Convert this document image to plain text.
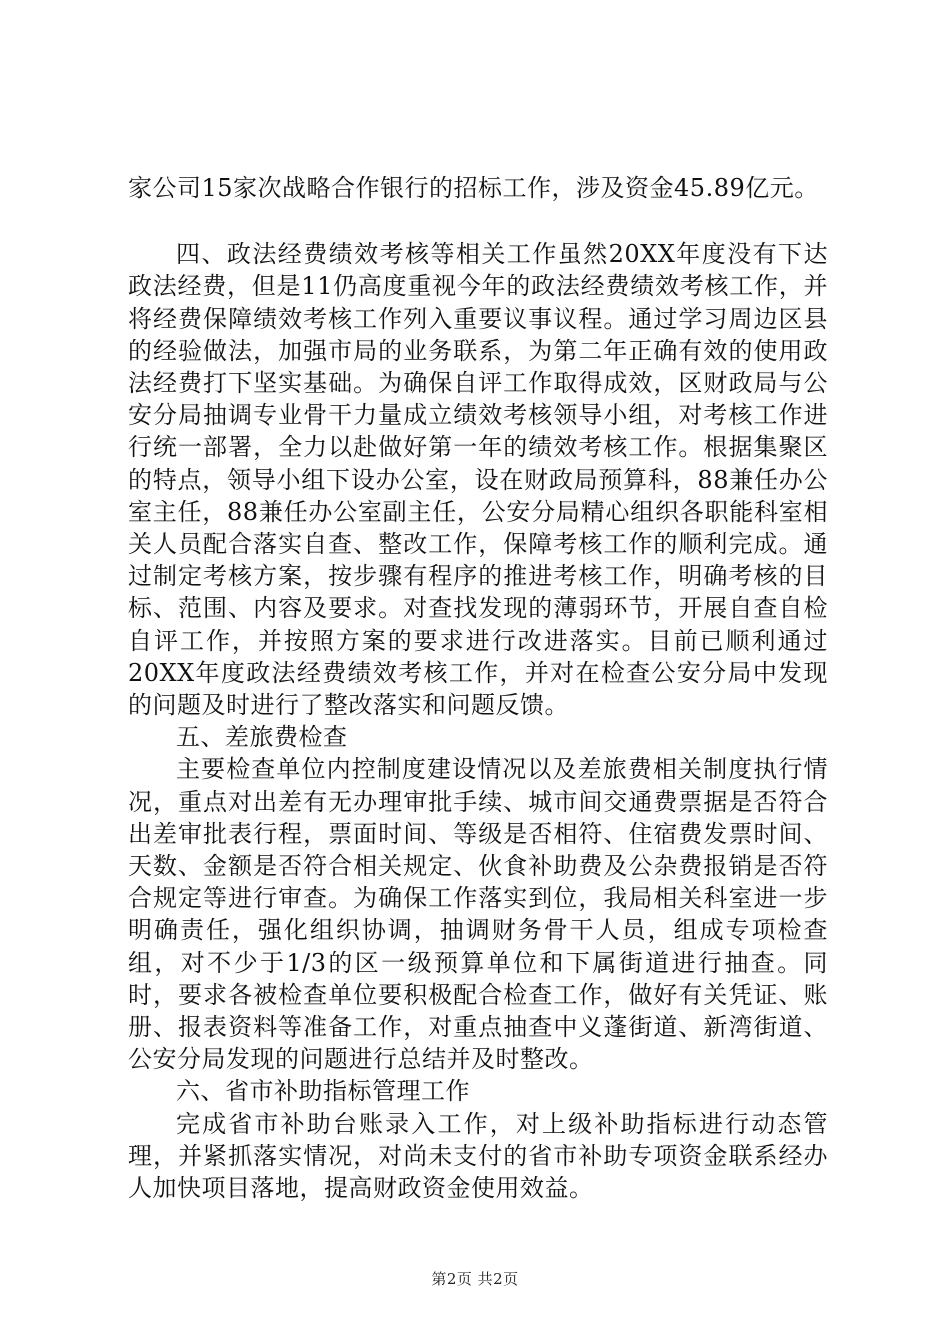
家公司15家次战略合作银行的招标工作，涉及资金45.89亿元。

四、政法经费绩效考核等相关工作虽然20XX年度没有下达政法经费，但是11仍高度重视今年的政法经费绩效考核工作，并将经费保障绩效考核工作列入重要议事议程。通过学习周边区县的经验做法，加强市局的业务联系，为第二年正确有效的使用政法经费打下坚实基础。为确保自评工作取得成效，区财政局与公安分局抽调专业骨干力量成立绩效考核领导小组，对考核工作进行统一部署，全力以赴做好第一年的绩效考核工作。根据集聚区的特点，领导小组下设办公室，设在财政局预算科，88兼任办公室主任，88兼任办公室副主任，公安分局精心组织各职能科室相关人员配合落实自查、整改工作，保障考核工作的顺利完成。通过制定考核方案，按步骤有程序的推进考核工作，明确考核的目标、范围、内容及要求。对查找发现的薄弱环节，开展自查自检自评工作，并按照方案的要求进行改进落实。目前已顺利通过20XX年度政法经费绩效考核工作，并对在检查公安分局中发现的问题及时进行了整改落实和问题反馈。

五、差旅费检查

主要检查单位内控制度建设情况以及差旅费相关制度执行情况，重点对出差有无办理审批手续、城市间交通费票据是否符合出差审批表行程，票面时间、等级是否相符、住宿费发票时间、天数、金额是否符合相关规定、伙食补助费及公杂费报销是否符合规定等进行审查。为确保工作落实到位，我局相关科室进一步明确责任，强化组织协调，抽调财务骨干人员，组成专项检查组，对不少于1/3的区一级预算单位和下属街道进行抽查。同时，要求各被检查单位要积极配合检查工作，做好有关凭证、账册、报表资料等准备工作，对重点抽查中义蓬街道、新湾街道、公安分局发现的问题进行总结并及时整改。

六、省市补助指标管理工作

完成省市补助台账录入工作，对上级补助指标进行动态管理，并紧抓落实情况，对尚未支付的省市补助专项资金联系经办人加快项目落地，提高财政资金使用效益。

第2页 共2页
